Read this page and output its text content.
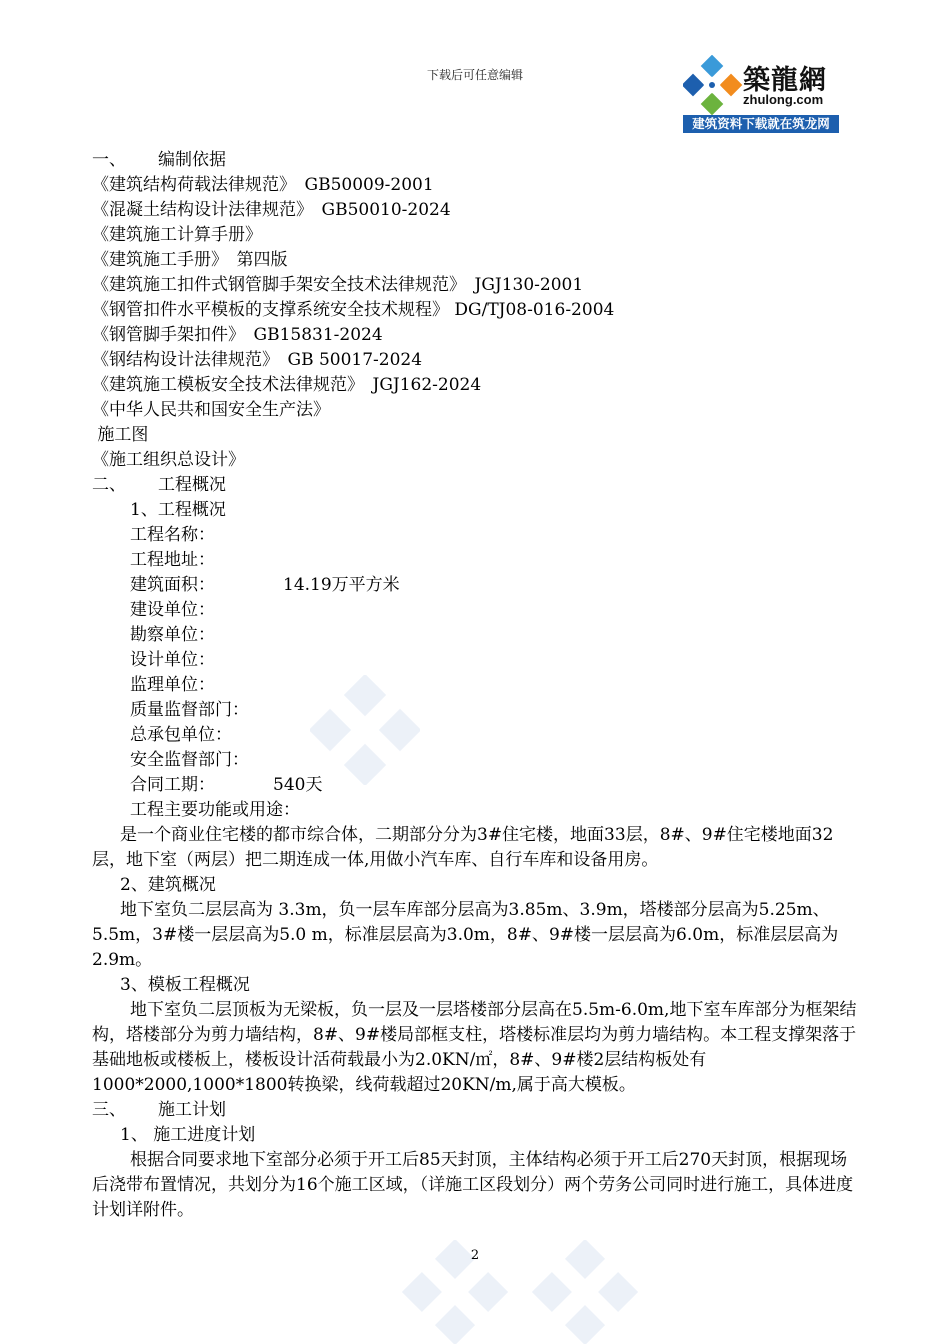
下载后可任意编辑	築龍網
zhulong.com
建筑资料下载就在筑龙网

一、 编制依据

《建筑结构荷载法律规范》　GB50009-2001

《混凝土结构设计法律规范》　GB50010-2024

《建筑施工计算手册》

《建筑施工手册》　第四版

《建筑施工扣件式钢管脚手架安全技术法律规范》　JGJ130-2001

《钢管扣件水平模板的支撑系统安全技术规程》 DG/TJ08-016-2004

《钢管脚手架扣件》　GB15831-2024

《钢结构设计法律规范》　GB 50017-2024

《建筑施工模板安全技术法律规范》　JGJ162-2024

《中华人民共和国安全生产法》

施工图

《施工组织总设计》

二、 工程概况

1、工程概况

工程名称：

工程地址：

建筑面积：	14.19万平方米

建设单位：

勘察单位：

设计单位：

监理单位：

质量监督部门：

总承包单位：

安全监督部门：

合同工期：	540天

工程主要功能或用途：

是一个商业住宅楼的都市综合体，二期部分分为3#住宅楼，地面33层，8#、9#住宅楼地面32层，地下室（两层）把二期连成一体,用做小汽车库、自行车库和设备用房。

2、建筑概况

地下室负二层层高为 3.3m，负一层车库部分层高为3.85m、3.9m，塔楼部分层高为5.25m、5.5m，3#楼一层层高为5.0 m，标准层层高为3.0m，8#、9#楼一层层高为6.0m，标准层层高为2.9m。

3、模板工程概况

地下室负二层顶板为无梁板，负一层及一层塔楼部分层高在5.5m-6.0m,地下室车库部分为框架结构，塔楼部分为剪力墙结构，8#、9#楼局部框支柱，塔楼标准层均为剪力墙结构。本工程支撑架落于基础地板或楼板上，楼板设计活荷载最小为2.0KN/㎡，8#、9#楼2层结构板处有1000*2000,1000*1800转换梁，线荷载超过20KN/m,属于高大模板。

三、 施工计划

1、 施工进度计划

根据合同要求地下室部分必须于开工后85天封顶，主体结构必须于开工后270天封顶，根据现场后浇带布置情况，共划分为16个施工区域，（详施工区段划分）两个劳务公司同时进行施工，具体进度计划详附件。

2
